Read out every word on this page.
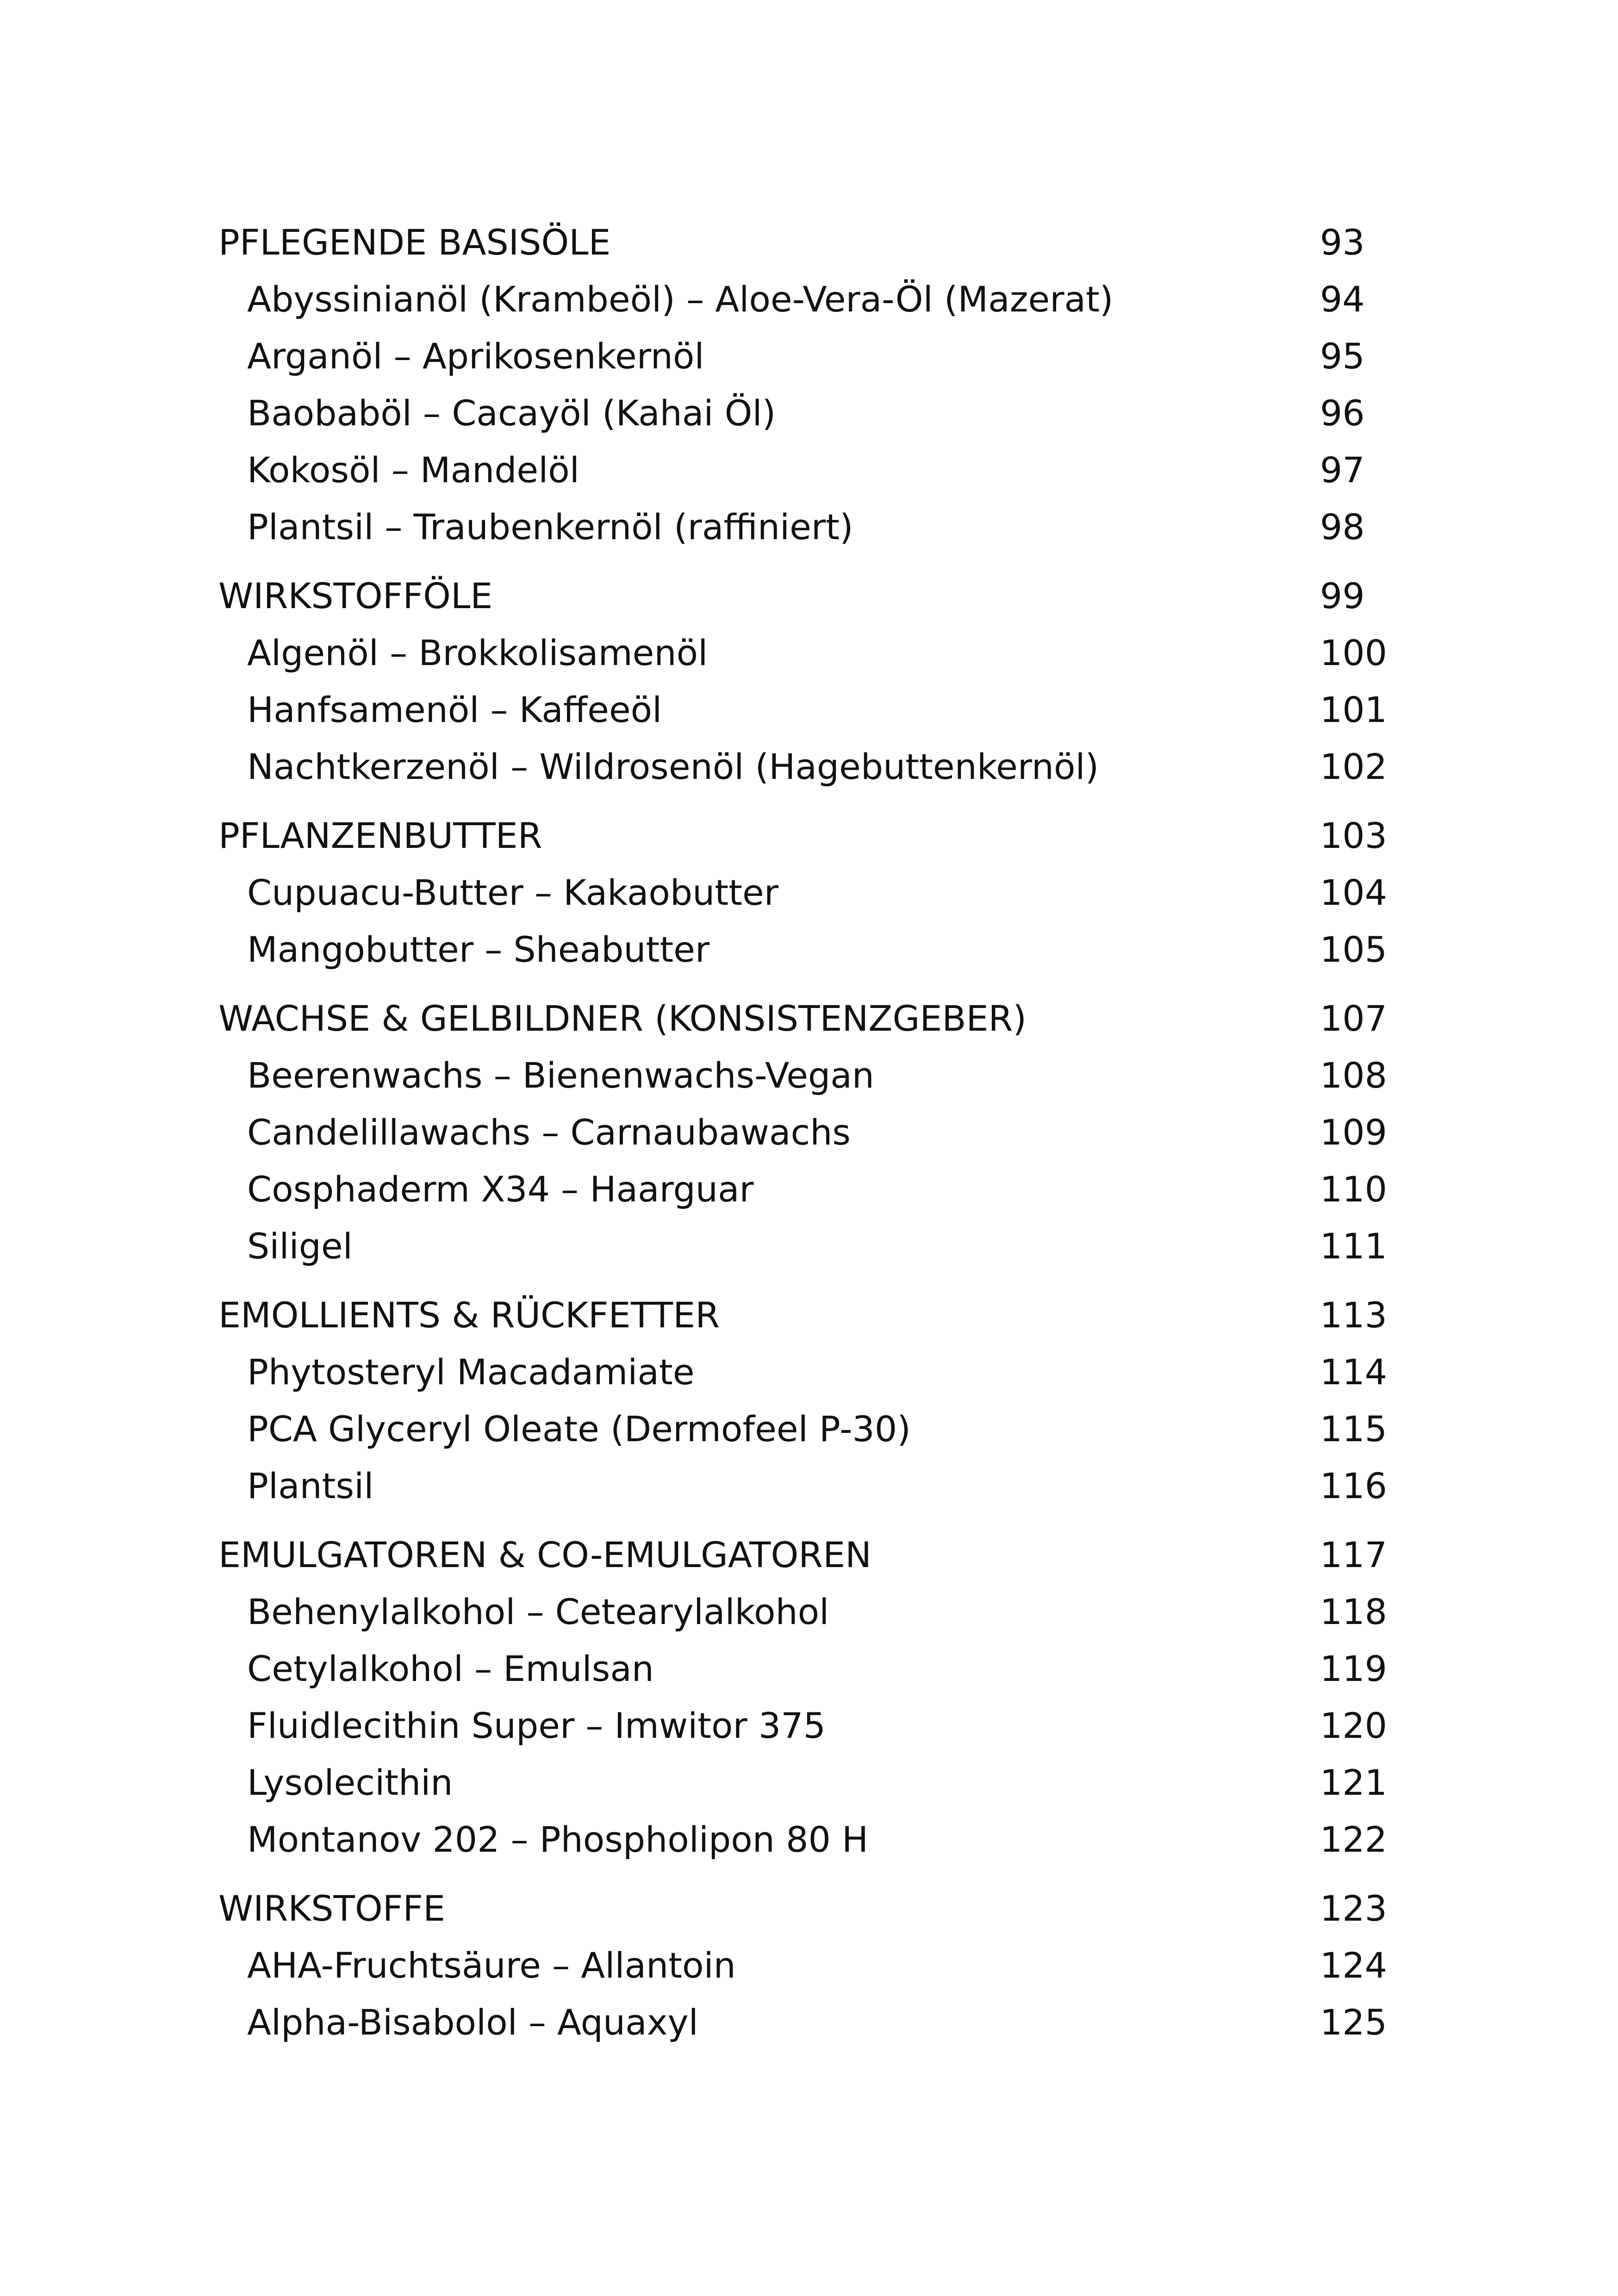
PFLEGENDE BASISÖLE	93
Abyssinianöl (Krambeöl) – Aloe-Vera-Öl (Mazerat)	94
Arganöl – Aprikosenkernöl	95
Baobaböl – Cacayöl (Kahai Öl)	96
Kokosöl – Mandelöl	97
Plantsil – Traubenkernöl (raffiniert)	98
WIRKSTOFFÖLE	99
Algenöl – Brokkolisamenöl	100
Hanfsamenöl – Kaffeeöl	101
Nachtkerzenöl – Wildrosenöl (Hagebuttenkernöl)	102
PFLANZENBUTTER	103
Cupuacu-Butter – Kakaobutter	104
Mangobutter – Sheabutter	105
WACHSE & GELBILDNER (KONSISTENZGEBER)	107
Beerenwachs – Bienenwachs-Vegan	108
Candelillawachs – Carnaubawachs	109
Cosphaderm X34 – Haarguar	110
Siligel	111
EMOLLIENTS & RÜCKFETTER	113
Phytosteryl Macadamiate	114
PCA Glyceryl Oleate (Dermofeel P-30)	115
Plantsil	116
EMULGATOREN & CO-EMULGATOREN	117
Behenylalkohol – Cetearylalkohol	118
Cetylalkohol – Emulsan	119
Fluidlecithin Super – Imwitor 375	120
Lysolecithin	121
Montanov 202 – Phospholipon 80 H	122
WIRKSTOFFE	123
AHA-Fruchtsäure – Allantoin	124
Alpha-Bisabolol – Aquaxyl	125
